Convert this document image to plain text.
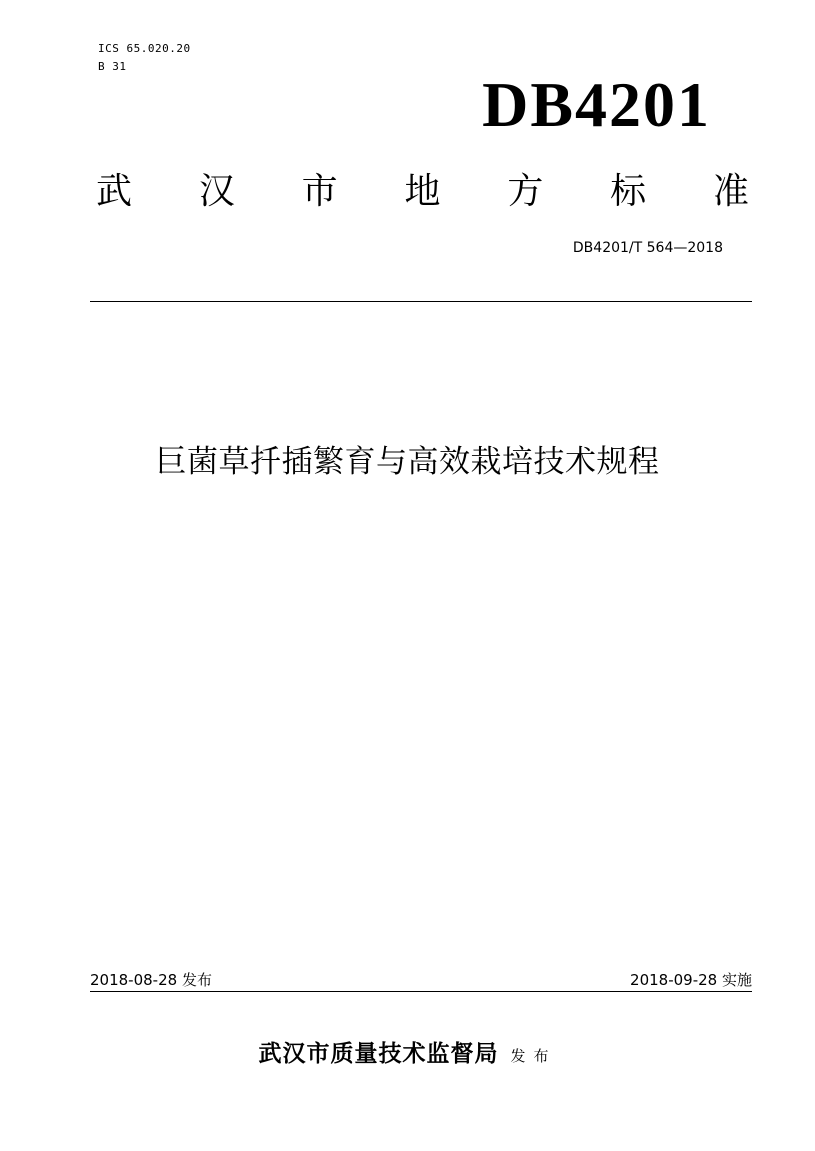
ICS 65.020.20
B 31
DB4201
武 汉 市 地 方 标 准
DB4201/T 564—2018
巨菌草扦插繁育与高效栽培技术规程
2018-08-28 发布	2018-09-28 实施
武汉市质量技术监督局 发布
